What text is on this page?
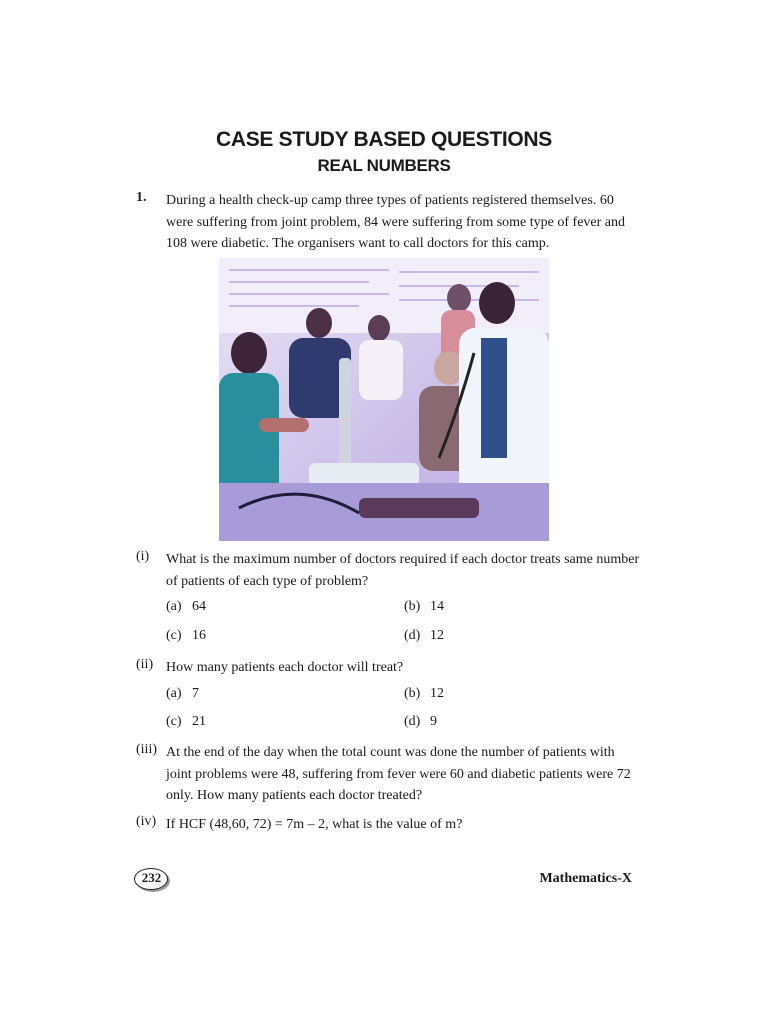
CASE STUDY BASED QUESTIONS
REAL NUMBERS
1. During a health check-up camp three types of patients registered themselves. 60 were suffering from joint problem, 84 were suffering from some type of fever and 108 were diabetic. The organisers want to call doctors for this camp.
(i) What is the maximum number of doctors required if each doctor treats same number of patients of each type of problem?
(a) 64	(b) 14
(c) 16	(d) 12
(ii) How many patients each doctor will treat?
(a) 7	(b) 12
(c) 21	(d) 9
(iii) At the end of the day when the total count was done the number of patients with joint problems were 48, suffering from fever were 60 and diabetic patients were 72 only. How many patients each doctor treated?
(iv) If HCF (48,60, 72) = 7m – 2, what is the value of m?
232	Mathematics-X
